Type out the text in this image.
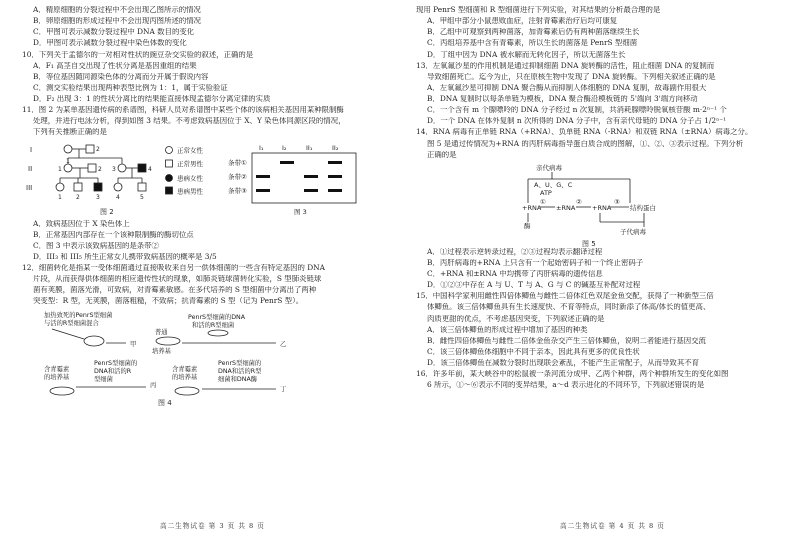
A．精原细胞的分裂过程中不会出现乙图所示的情况

B．卵原细胞的形成过程中不会出现丙图所述的情况

C．甲图可表示减数分裂过程中 DNA 数目的变化

D．甲图可表示减数分裂过程中染色体数的变化

10．下列关于孟德尔的一对相对性状的豌豆杂交实验的叙述，正确的是

A．F₁ 高茎自交出现了性状分离是基因重组的结果

B．等位基因随同源染色体的分离而分开属于假说内容

C．测交实验结果出现两种表型比例为 1：1，属于实验验证

D．F₂ 出现 3：1 的性状分离比的结果能直接体现孟德尔分离定律的实质

11．图 2 为某单基因遗传病的系谱图，科研人员对系谱图中某些个体的该病相关基因用某种限制酶

处理，并进行电泳分析，得到如图 3 结果。不考虑致病基因位于 X、Y 染色体同源区段的情况，

下列有关推断正确的是

I
II
III
1
2
1	2 3	4
1 2	3	4	5
图 2
正常女性
正常男性
患病女性
患病男性
I₁	I₂	II₁	II₂
条带①
条带②
条带③
图 3

A．致病基因位于 X 染色体上

B．正常基因内部存在一个该种限制酶的酶切位点

C．图 3 中表示该致病基因的是条带②

D．III₃ 和 III₅ 所生正常女儿携带致病基因的概率是 3/5

12．细菌转化是指某一受体细菌通过直接吸收来自另一供体细菌的一些含有特定基因的 DNA

片段，从而获得供体细菌的相应遗传性状的现象，如肺炎链球菌转化实验，S 型肺炎链球

菌有荚膜，菌落光滑，可致病，对青霉素敏感。在多代培养的 S 型细菌中分离出了两种

突变型：R 型，无荚膜，菌落粗糙，不致病；抗青霉素的 S 型（记为 PenrS 型）。

加热致死的PenrS型细菌
与活的R型细菌混合
PenrS型细菌的DNA
和活的R型细菌
普通
培养基
甲	乙
含青霉素
的培养基
PenrS型细菌的
DNA和活的R
型细菌
丙
含青霉素
的培养基
PenrS型细菌的
DNA和活的R型
细菌和DNA酶
丁
图 4
高二生物试卷 第 3 页 共 8 页

现用 PenrS 型细菌和 R 型细菌进行下列实验，对其结果的分析最合理的是

A．甲组中部分小鼠患败血症，注射青霉素治疗后均可康复

B．乙组中可观察到两种菌落，加青霉素后仍有两种菌落继续生长

C．丙组培养基中含有青霉素，所以生长的菌落是 PenrS 型细菌

D．丁组中因为 DNA 被水解而无转化因子，所以无菌落生长

13．左氧氟沙星的作用机制是通过抑制细菌 DNA 旋转酶的活性，阻止细菌 DNA 的复制而

导致细菌死亡。迄今为止，只在原核生物中发现了 DNA 旋转酶。下列相关叙述正确的是

A．左氧氟沙星可抑制 DNA 聚合酶从而抑制人体细胞的 DNA 复制，故毒副作用很大

B．DNA 复制时以每条单链为模板，DNA 聚合酶沿模板链的 5'端向 3'端方向移动

C．一个含有 m 个腺嘌呤的 DNA 分子经过 n 次复制，共消耗腺嘌呤脱氧核苷酸 m·2ⁿ⁻¹ 个

D．一个 DNA 在体外复制 n 次所得的 DNA 分子中，含有亲代母链的 DNA 分子占 1/2ⁿ⁻¹

14．RNA 病毒有正单链 RNA（+RNA）、负单链 RNA（-RNA）和双链 RNA（±RNA）病毒之分。

图 5 是通过传情况为+RNA 的丙肝病毒指导蛋白质合成的图解，①、②、③表示过程。下列分析

正确的是

亲代病毒
A、U、G、C
ATP
+RNA ±RNA	+RNA	结构蛋白
①	②	③
酶
子代病毒
图 5

A．①过程表示逆转录过程，②③过程均表示翻译过程

B．丙肝病毒的+RNA 上只含有一个起始密码子和一个终止密码子

C．+RNA 和±RNA 中均携带了丙肝病毒的遗传信息

D．①②③中存在 A 与 U、T 与 A、G 与 C 的碱基互补配对过程

15．中国科学家利用雌性四倍体鲫鱼与雌性二倍体红色双尾金鱼交配，获得了一种新型三倍

体鲫鱼。该三倍体鲫鱼具有生长速度快、不育等特点，同时新添了体高/体长的值更高、

肉质更甜的优点，不考虑基因突变，下列叙述正确的是

A．该三倍体鲫鱼的形成过程中增加了基因的种类

B．雌性四倍体鲫鱼与雌性二倍体金鱼杂交产生三倍体鲫鱼，说明二者能进行基因交流

C．该三倍体鲫鱼体细胞中不同于亲本，因此具有更多的优良性状

D．该三倍体鲫鱼在减数分裂时出现联会紊乱，不能产生正常配子，从而导致其不育

16．许多年前，某大峡谷中的松鼠被一条河流分成甲、乙两个种群，两个种群所发生的变化如图

6 所示，①～⑥表示不同的变异结果，a～d 表示进化的不同环节，下列叙述错误的是

高二生物试卷 第 4 页 共 8 页
